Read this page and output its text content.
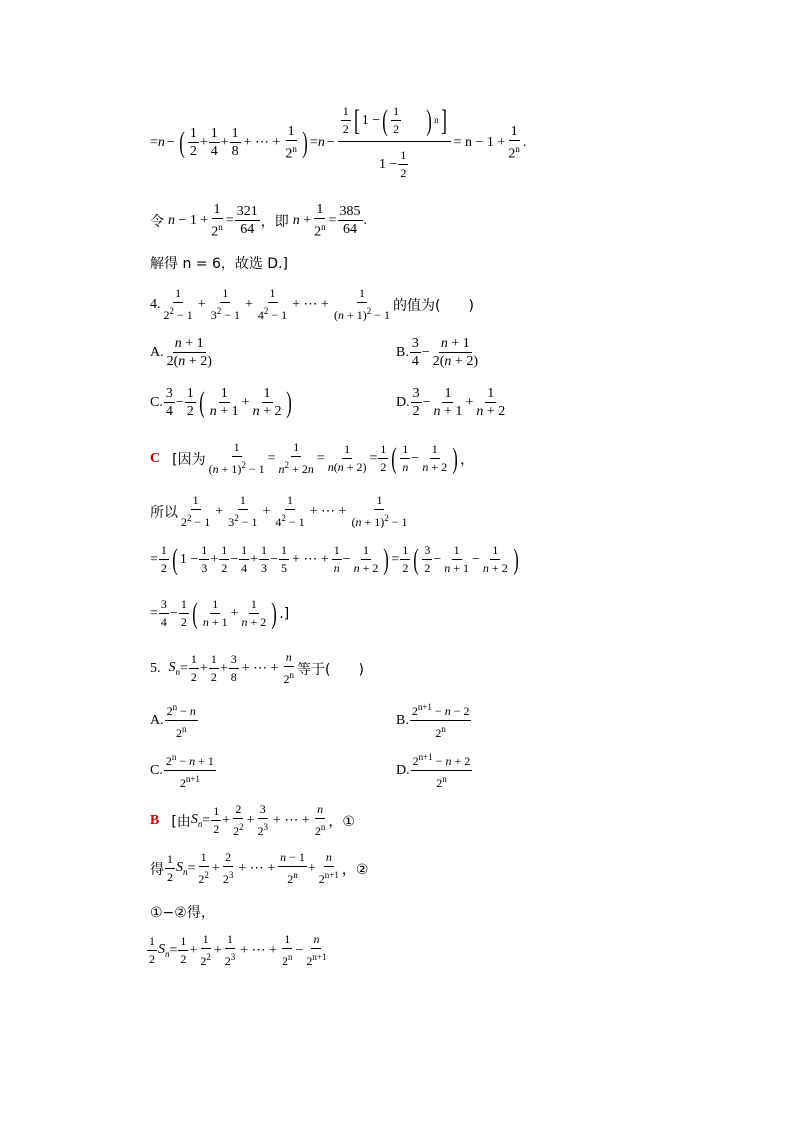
=n − ( $\frac{1}{2} + \frac{1}{4} + \frac{1}{8}$ + ⋯ + $\frac{1}{2^n}$ ) $=n - \frac{\frac{1}{2} [ 1 - ( \frac{1}{2} ) n ]}{1 - \frac{1}{2}} = n - 1 + \frac{1}{2^n}$ .
令 $n - 1 + \frac{1}{2^n} = \frac{321}{64}$ ，即 $n + \frac{1}{2^n} = \frac{385}{64}$ .
解得 n = 6，故选 D.]
4. $\frac{1}{2^2 - 1} + \frac{1}{3^2 - 1} + \frac{1}{4^2 - 1}$ + ⋯ + $\frac{1}{(n + 1)^2 - 1}$ 的值为(　　)
A. $\frac{n + 1}{2(n + 2)}$	B. $\frac{3}{4} - \frac{n + 1}{2(n + 2)}$
C. $\frac{3}{4} - \frac{1}{2}$ ( $\frac{1}{n + 1} + \frac{1}{n + 2}$ )	D. $\frac{3}{2} - \frac{1}{n + 1} + \frac{1}{n + 2}$
C [因为 $\frac{1}{(n + 1)^2 - 1} = \frac{1}{n^2 + 2n} = \frac{1}{n(n + 2)} = \frac{1}{2}$ ( $\frac{1}{n} - \frac{1}{n + 2}$ ) ，
所以 $\frac{1}{2^2 - 1} + \frac{1}{3^2 - 1} + \frac{1}{4^2 - 1}$ + ⋯ + $\frac{1}{(n + 1)^2 - 1}$
= $\frac{1}{2}$ ( $1 - \frac{1}{3} + \frac{1}{2} - \frac{1}{4} + \frac{1}{3} - \frac{1}{5}$ + ⋯ + $\frac{1}{n} - \frac{1}{n + 2}$ ) = $\frac{1}{2}$ ( $\frac{3}{2} - \frac{1}{n + 1} - \frac{1}{n + 2}$ )
= $\frac{3}{4} - \frac{1}{2}$ ( $\frac{1}{n + 1} + \frac{1}{n + 2}$ ) .]
5. $S_n = \frac{1}{2} + \frac{1}{2} + \frac{3}{8}$ + ⋯ + $\frac{n}{2^n}$ 等于(　　)
A. $\frac{2^n - n}{2^n}$	B. $\frac{2^{n+1} - n - 2}{2^n}$
C. $\frac{2^n - n + 1}{2^{n+1}}$	D. $\frac{2^{n+1} - n + 2}{2^n}$
B [由 $S_n = \frac{1}{2} + \frac{2}{2^2} + \frac{3}{2^3}$ + ⋯ + $\frac{n}{2^n}$ ，①
得 $\frac{1}{2} S_n = \frac{1}{2^2} + \frac{2}{2^3}$ + ⋯ + $\frac{n - 1}{2^n} + \frac{n}{2^{n+1}}$ ，②
①−②得，
$\frac{1}{2} S_n = \frac{1}{2} + \frac{1}{2^2} + \frac{1}{2^3}$ + ⋯ + $\frac{1}{2^n} - \frac{n}{2^{n+1}}$
